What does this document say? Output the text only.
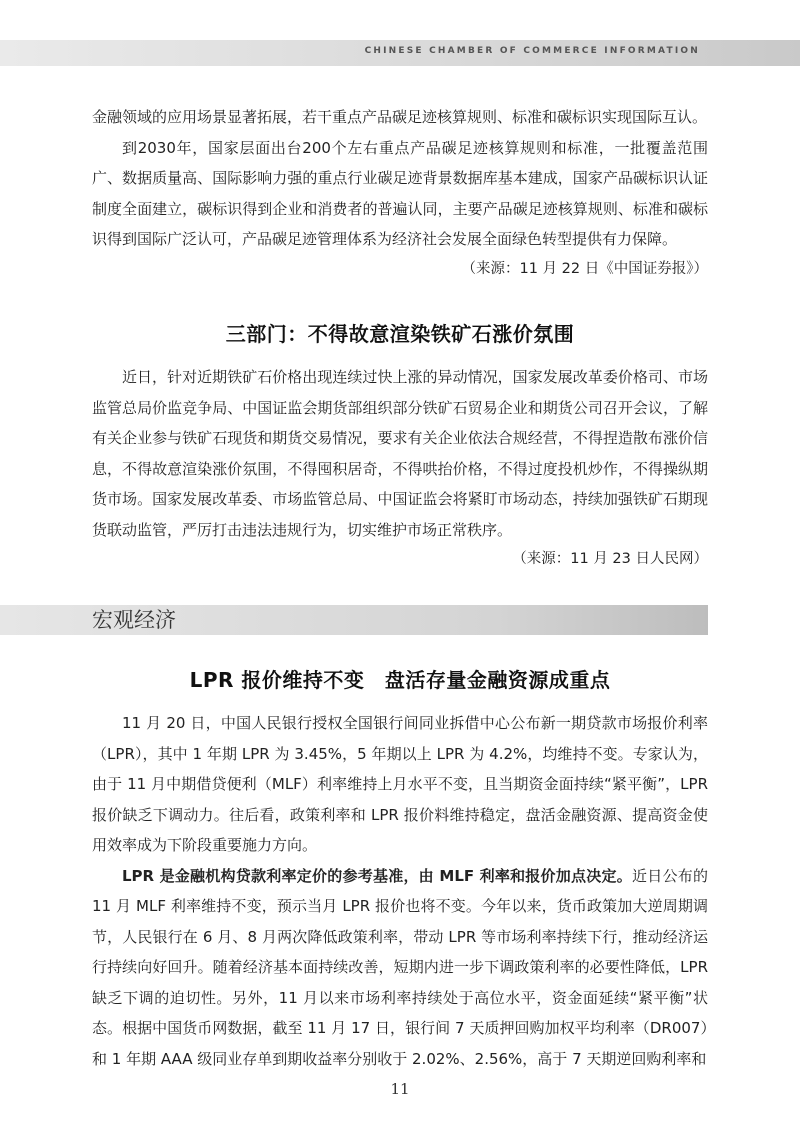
CHINESE CHAMBER OF COMMERCE INFORMATION

金融领域的应用场景显著拓展，若干重点产品碳足迹核算规则、标准和碳标识实现国际互认。

到2030年，国家层面出台200个左右重点产品碳足迹核算规则和标准，一批覆盖范围广、数据质量高、国际影响力强的重点行业碳足迹背景数据库基本建成，国家产品碳标识认证制度全面建立，碳标识得到企业和消费者的普遍认同，主要产品碳足迹核算规则、标准和碳标识得到国际广泛认可，产品碳足迹管理体系为经济社会发展全面绿色转型提供有力保障。

（来源：11 月 22 日《中国证券报》）

三部门：不得故意渲染铁矿石涨价氛围

近日，针对近期铁矿石价格出现连续过快上涨的异动情况，国家发展改革委价格司、市场监管总局价监竞争局、中国证监会期货部组织部分铁矿石贸易企业和期货公司召开会议，了解有关企业参与铁矿石现货和期货交易情况，要求有关企业依法合规经营，不得捏造散布涨价信息，不得故意渲染涨价氛围，不得囤积居奇，不得哄抬价格，不得过度投机炒作，不得操纵期货市场。国家发展改革委、市场监管总局、中国证监会将紧盯市场动态，持续加强铁矿石期现货联动监管，严厉打击违法违规行为，切实维护市场正常秩序。

（来源：11 月 23 日人民网）

宏观经济
LPR 报价维持不变　盘活存量金融资源成重点

11 月 20 日，中国人民银行授权全国银行间同业拆借中心公布新一期贷款市场报价利率（LPR），其中 1 年期 LPR 为 3.45%，5 年期以上 LPR 为 4.2%，均维持不变。专家认为，由于 11 月中期借贷便利（MLF）利率维持上月水平不变，且当期资金面持续“紧平衡”，LPR 报价缺乏下调动力。往后看，政策利率和 LPR 报价料维持稳定，盘活金融资源、提高资金使用效率成为下阶段重要施力方向。

LPR 是金融机构贷款利率定价的参考基准，由 MLF 利率和报价加点决定。近日公布的 11 月 MLF 利率维持不变，预示当月 LPR 报价也将不变。今年以来，货币政策加大逆周期调节，人民银行在 6 月、8 月两次降低政策利率，带动 LPR 等市场利率持续下行，推动经济运行持续向好回升。随着经济基本面持续改善，短期内进一步下调政策利率的必要性降低，LPR 缺乏下调的迫切性。另外，11 月以来市场利率持续处于高位水平，资金面延续“紧平衡”状态。根据中国货币网数据，截至 11 月 17 日，银行间 7 天质押回购加权平均利率（DR007）和 1 年期 AAA 级同业存单到期收益率分别收于 2.02%、2.56%，高于 7 天期逆回购利率和

11
